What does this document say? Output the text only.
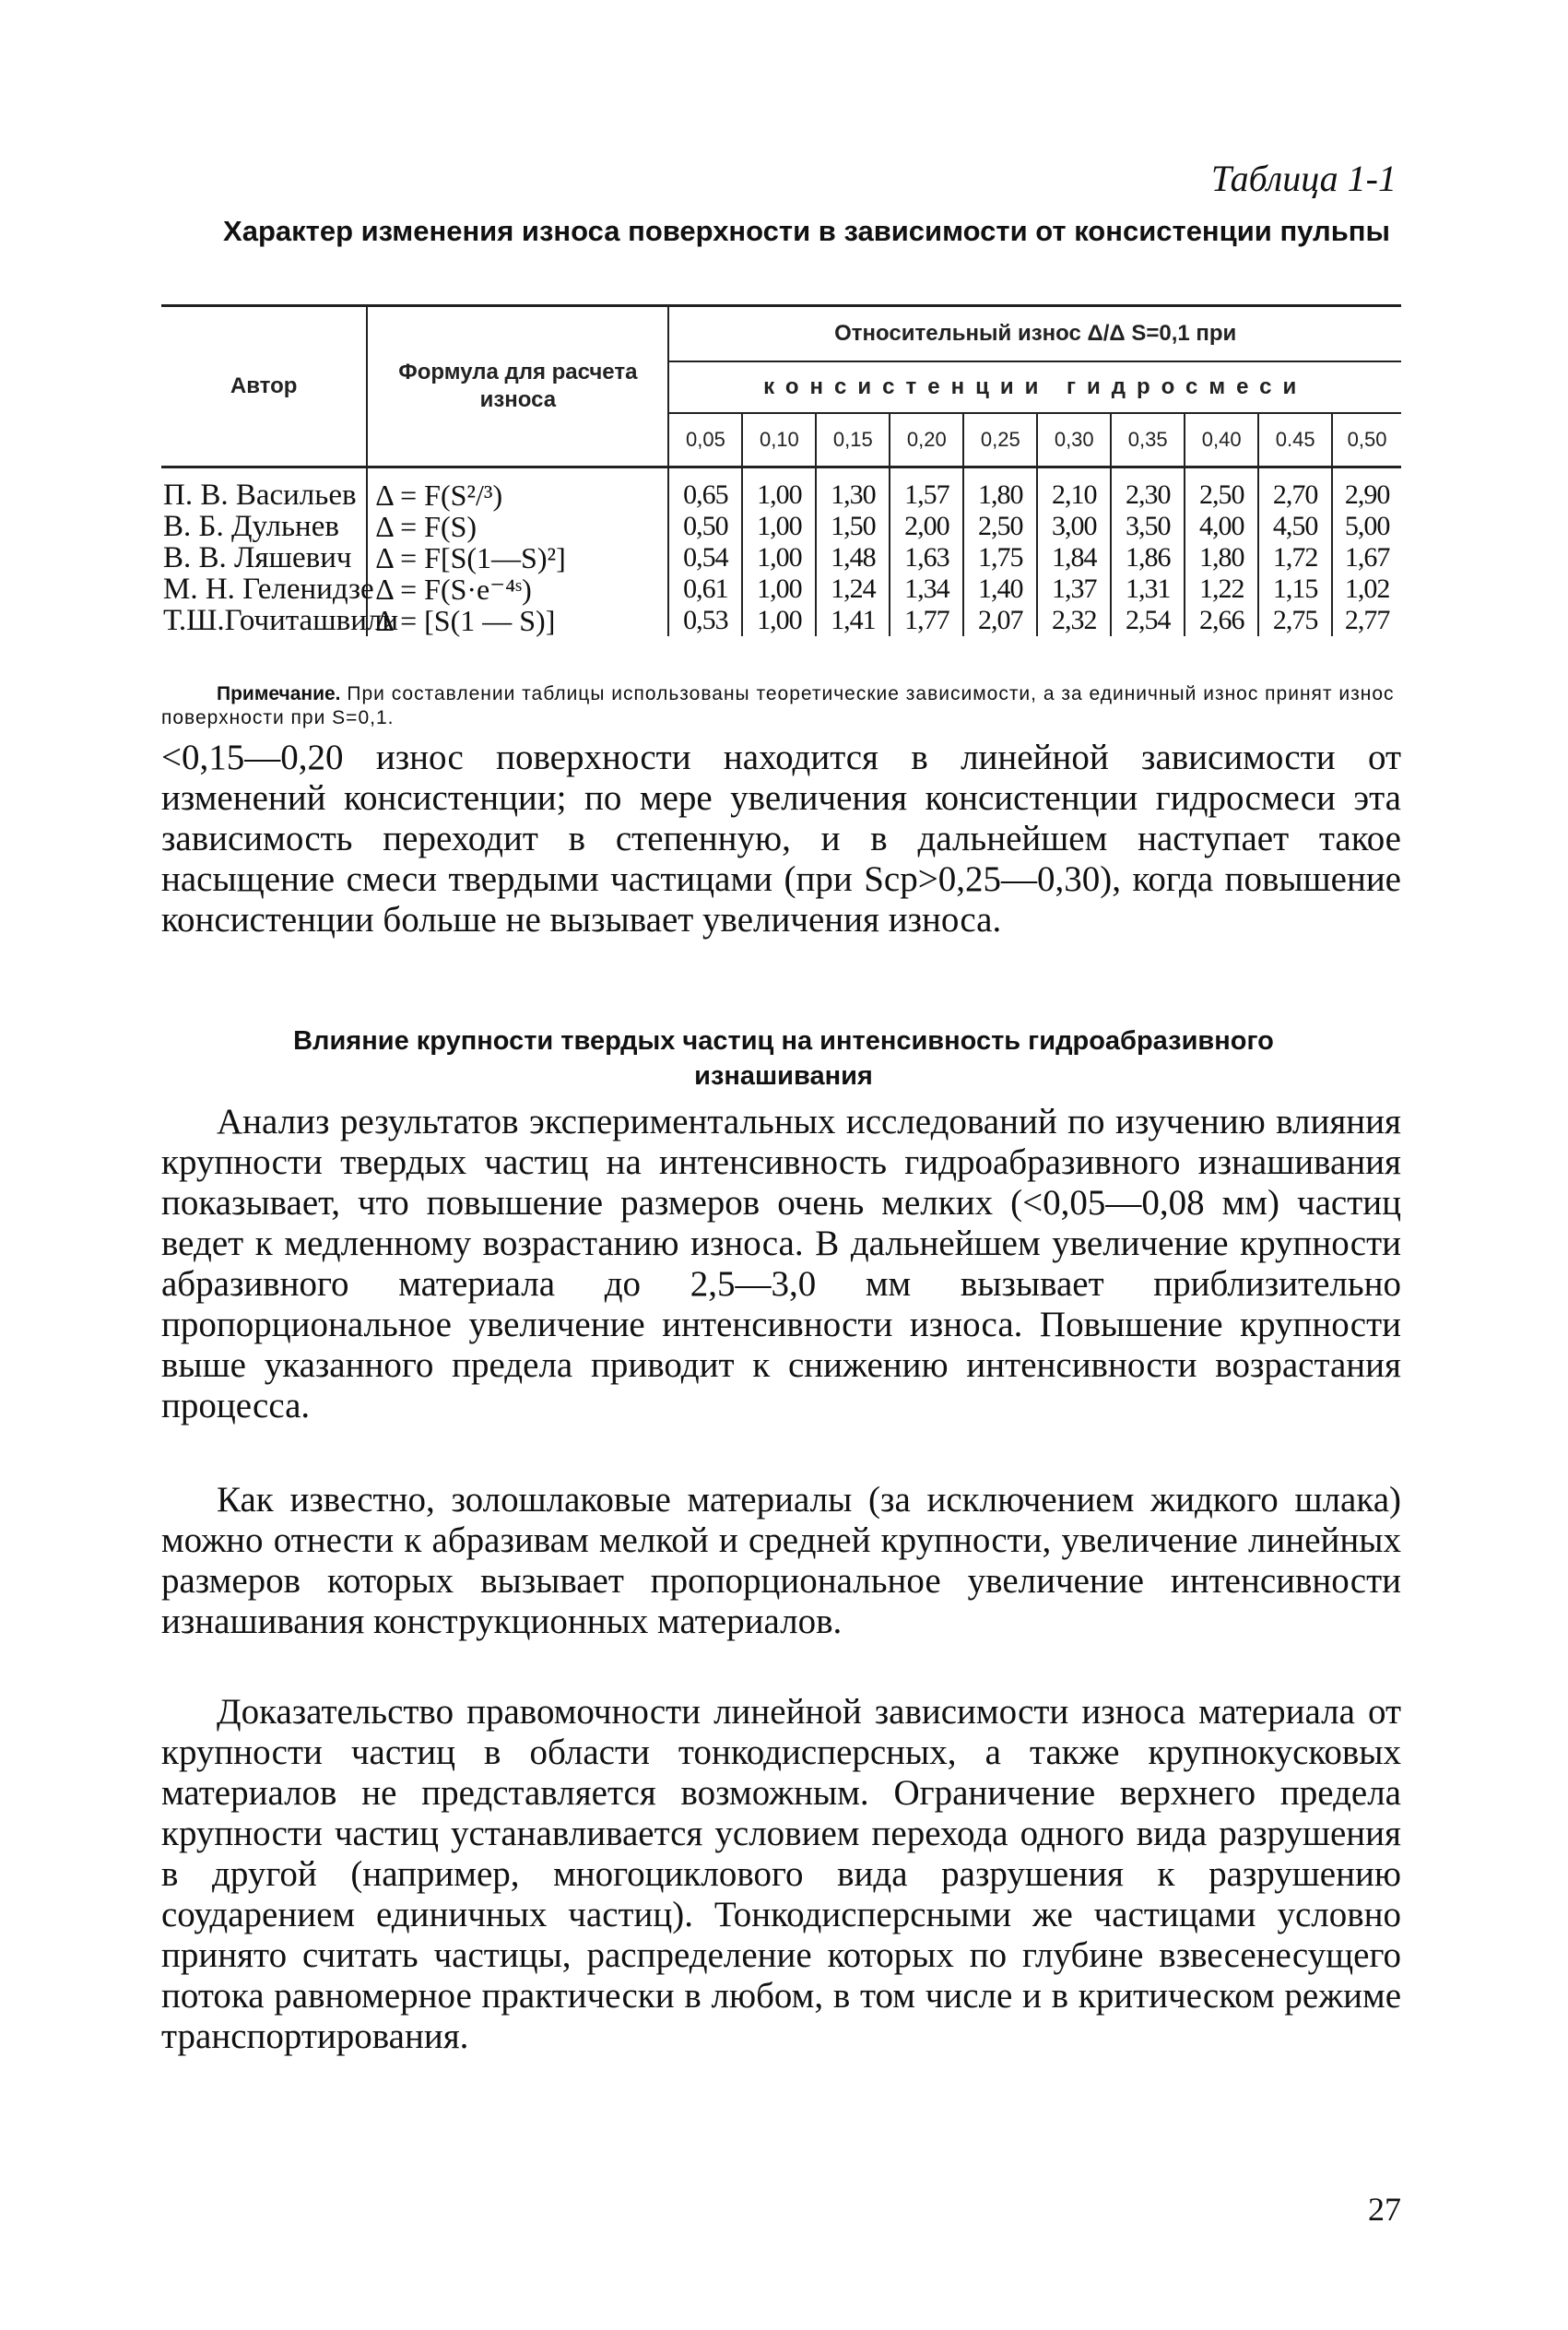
Таблица 1-1
Характер изменения износа поверхности в зависимости от консистенции пульпы
Автор	Формула для расчета износа	Относительный износ Δ/Δ S=0,1 при									
		консистенции гидросмеси									
		0,05	0,10	0,15	0,20	0,25	0,30	0,35	0,40	0.45	0,50
П. В. Васильев	Δ = F(S²/³)	0,65	1,00	1,30	1,57	1,80	2,10	2,30	2,50	2,70	2,90
В. Б. Дульнев	Δ = F(S)	0,50	1,00	1,50	2,00	2,50	3,00	3,50	4,00	4,50	5,00
В. В. Ляшевич	Δ = F[S(1—S)²]	0,54	1,00	1,48	1,63	1,75	1,84	1,86	1,80	1,72	1,67
М. Н. Геленидзе	Δ = F(S·e⁻⁴ˢ)	0,61	1,00	1,24	1,34	1,40	1,37	1,31	1,22	1,15	1,02
Т.Ш.Гочиташвили	Δ = [S(1 — S)]	0,53	1,00	1,41	1,77	2,07	2,32	2,54	2,66	2,75	2,77
Примечание. При составлении таблицы использованы теоретические зависимости, а за единичный износ принят износ поверхности при S=0,1.

<0,15—0,20 износ поверхности находится в линейной зависимости от изменений консистенции; по мере увеличения консистенции гидросмеси эта зависимость переходит в степенную, и в дальнейшем наступает такое насыщение смеси твердыми частицами (при Sср>0,25—0,30), когда повышение консистенции больше не вызывает увеличения износа.

Влияние крупности твердых частиц на интенсивность гидроабразивного изнашивания

Анализ результатов экспериментальных исследований по изучению влияния крупности твердых частиц на интенсивность гидроабразивного изнашивания показывает, что повышение размеров очень мелких (<0,05—0,08 мм) частиц ведет к медленному возрастанию износа. В дальнейшем увеличение крупности абразивного материала до 2,5—3,0 мм вызывает приблизительно пропорциональное увеличение интенсивности износа. Повышение крупности выше указанного предела приводит к снижению интенсивности возрастания процесса.

Как известно, золошлаковые материалы (за исключением жидкого шлака) можно отнести к абразивам мелкой и средней крупности, увеличение линейных размеров которых вызывает пропорциональное увеличение интенсивности изнашивания конструкционных материалов.

Доказательство правомочности линейной зависимости износа материала от крупности частиц в области тонкодисперсных, а также крупнокусковых материалов не представляется возможным. Ограничение верхнего предела крупности частиц устанавливается условием перехода одного вида разрушения в другой (например, многоциклового вида разрушения к разрушению соударением единичных частиц). Тонкодисперсными же частицами условно принято считать частицы, распределение которых по глубине взвесенесущего потока равномерное практически в любом, в том числе и в критическом режиме транспортирования.

27
